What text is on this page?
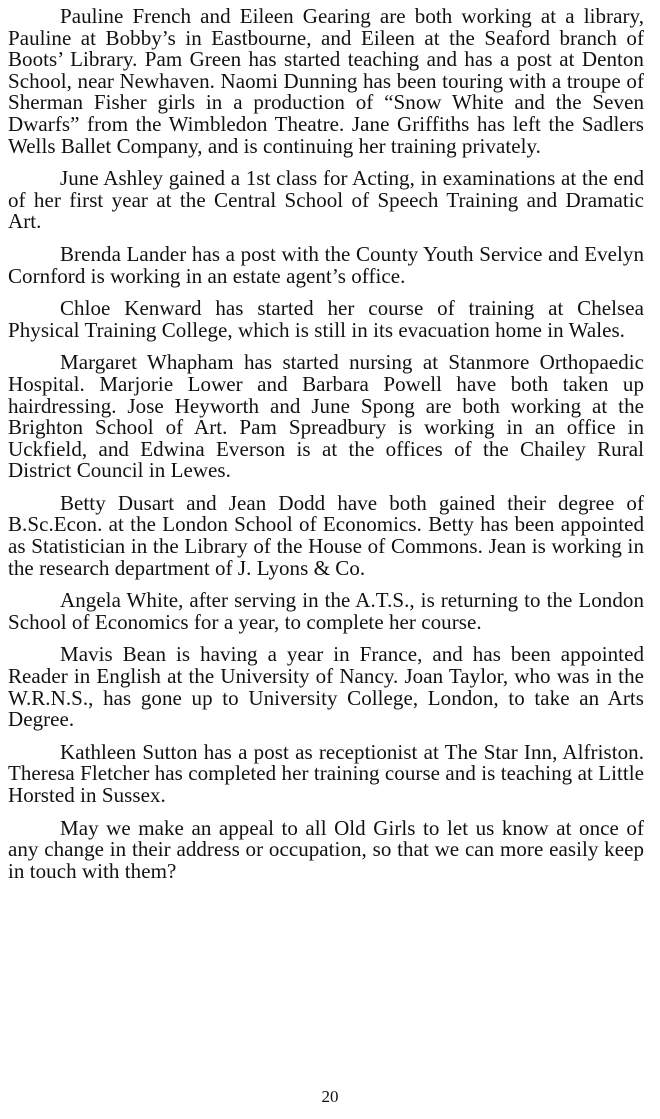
Pauline French and Eileen Gearing are both working at a library, Pauline at Bobby’s in Eastbourne, and Eileen at the Seaford branch of Boots’ Library. Pam Green has started teaching and has a post at Denton School, near Newhaven. Naomi Dunning has been touring with a troupe of Sherman Fisher girls in a production of “Snow White and the Seven Dwarfs” from the Wimbledon Theatre. Jane Griffiths has left the Sadlers Wells Ballet Company, and is continuing her training privately.

June Ashley gained a 1st class for Acting, in examinations at the end of her first year at the Central School of Speech Training and Dramatic Art.

Brenda Lander has a post with the County Youth Service and Evelyn Cornford is working in an estate agent’s office.

Chloe Kenward has started her course of training at Chelsea Physical Training College, which is still in its evacuation home in Wales.

Margaret Whapham has started nursing at Stanmore Orthopaedic Hospital. Marjorie Lower and Barbara Powell have both taken up hairdressing. Jose Heyworth and June Spong are both working at the Brighton School of Art. Pam Spreadbury is working in an office in Uckfield, and Edwina Everson is at the offices of the Chailey Rural District Council in Lewes.

Betty Dusart and Jean Dodd have both gained their degree of B.Sc.Econ. at the London School of Economics. Betty has been appointed as Statistician in the Library of the House of Commons. Jean is working in the research department of J. Lyons & Co.

Angela White, after serving in the A.T.S., is returning to the London School of Economics for a year, to complete her course.

Mavis Bean is having a year in France, and has been appointed Reader in English at the University of Nancy. Joan Taylor, who was in the W.R.N.S., has gone up to University College, London, to take an Arts Degree.

Kathleen Sutton has a post as receptionist at The Star Inn, Alfriston. Theresa Fletcher has completed her training course and is teaching at Little Horsted in Sussex.

May we make an appeal to all Old Girls to let us know at once of any change in their address or occupation, so that we can more easily keep in touch with them?

20
